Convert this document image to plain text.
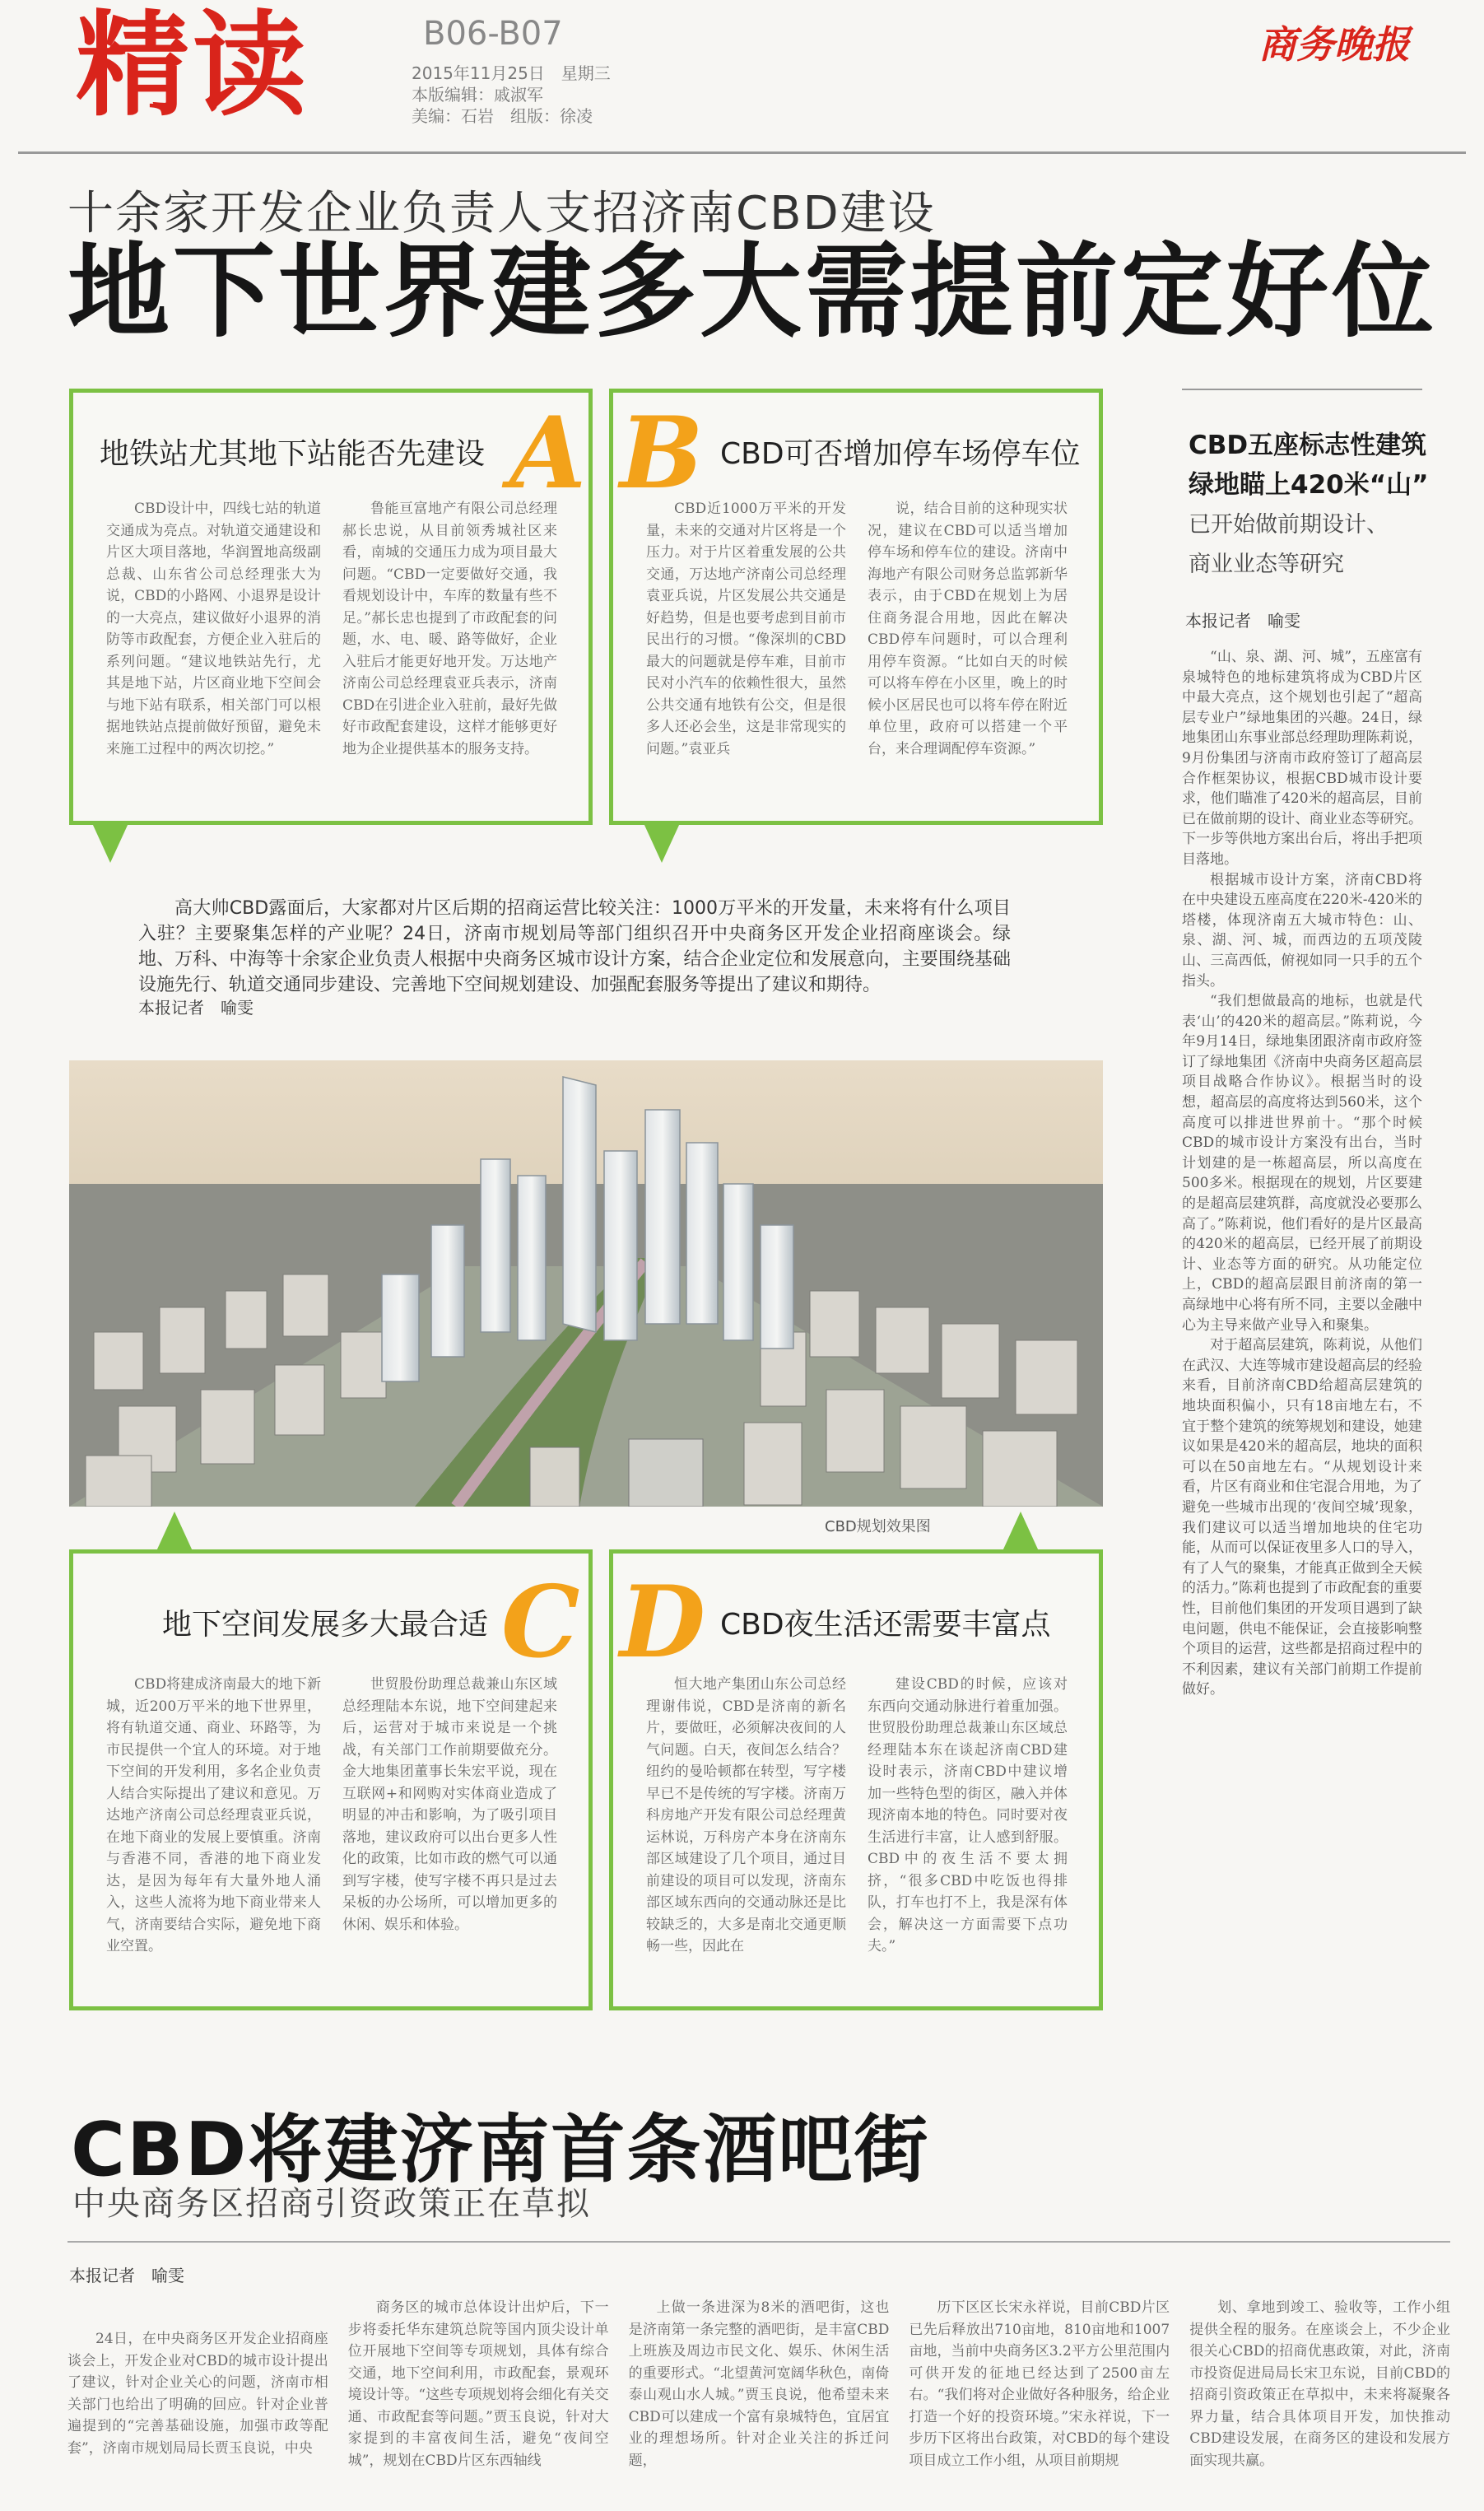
精读	B06-B07
2015年11月25日　星期三
本版编辑：戚淑军
美编：石岩　组版：徐凌
商务晚报
十余家开发企业负责人支招济南CBD建设
地下世界建多大需提前定好位
地铁站尤其地下站能否先建设 A
CBD设计中，四线七站的轨道交通成为亮点。对轨道交通建设和片区大项目落地，华润置地高级副总裁、山东省公司总经理张大为说，CBD的小路网、小退界是设计的一大亮点，建议做好小退界的消防等市政配套，方便企业入驻后的系列问题。“建议地铁站先行，尤其是地下站，片区商业地下空间会与地下站有联系，相关部门可以根据地铁站点提前做好预留，避免未来施工过程中的两次切挖。”
鲁能亘富地产有限公司总经理郝长忠说，从目前领秀城社区来看，南城的交通压力成为项目最大问题。“CBD一定要做好交通，我看规划设计中，车库的数量有些不足。”郝长忠也提到了市政配套的问题，水、电、暖、路等做好，企业入驻后才能更好地开发。万达地产济南公司总经理袁亚兵表示，济南CBD在引进企业入驻前，最好先做好市政配套建设，这样才能够更好地为企业提供基本的服务支持。
B CBD可否增加停车场停车位
CBD近1000万平米的开发量，未来的交通对片区将是一个压力。对于片区着重发展的公共交通，万达地产济南公司总经理袁亚兵说，片区发展公共交通是好趋势，但是也要考虑到目前市民出行的习惯。“像深圳的CBD最大的问题就是停车难，目前市民对小汽车的依赖性很大，虽然公共交通有地铁有公交，但是很多人还必会坐，这是非常现实的问题。”袁亚兵
说，结合目前的这种现实状况，建议在CBD可以适当增加停车场和停车位的建设。济南中海地产有限公司财务总监郭新华表示，由于CBD在规划上为居住商务混合用地，因此在解决CBD停车问题时，可以合理利用停车资源。“比如白天的时候可以将车停在小区里，晚上的时候小区居民也可以将车停在附近单位里，政府可以搭建一个平台，来合理调配停车资源。”
高大帅CBD露面后，大家都对片区后期的招商运营比较关注：1000万平米的开发量，未来将有什么项目入驻？主要聚集怎样的产业呢？24日，济南市规划局等部门组织召开中央商务区开发企业招商座谈会。绿地、万科、中海等十余家企业负责人根据中央商务区城市设计方案，结合企业定位和发展意向，主要围绕基础设施先行、轨道交通同步建设、完善地下空间规划建设、加强配套服务等提出了建议和期待。
本报记者　喻雯
CBD规划效果图
地下空间发展多大最合适 C
CBD将建成济南最大的地下新城，近200万平米的地下世界里，将有轨道交通、商业、环路等，为市民提供一个宜人的环境。对于地下空间的开发利用，多名企业负责人结合实际提出了建议和意见。万达地产济南公司总经理袁亚兵说，在地下商业的发展上要慎重。济南与香港不同，香港的地下商业发达，是因为每年有大量外地人涌入，这些人流将为地下商业带来人气，济南要结合实际，避免地下商业空置。
世贸股份助理总裁兼山东区域总经理陆本东说，地下空间建起来后，运营对于城市来说是一个挑战，有关部门工作前期要做充分。金大地集团董事长朱宏平说，现在互联网+和网购对实体商业造成了明显的冲击和影响，为了吸引项目落地，建议政府可以出台更多人性化的政策，比如市政的燃气可以通到写字楼，使写字楼不再只是过去呆板的办公场所，可以增加更多的休闲、娱乐和体验。
D CBD夜生活还需要丰富点
恒大地产集团山东公司总经理谢伟说，CBD是济南的新名片，要做旺，必须解决夜间的人气问题。白天，夜间怎么结合？纽约的曼哈顿都在转型，写字楼早已不是传统的写字楼。济南万科房地产开发有限公司总经理黄运林说，万科房产本身在济南东部区域建设了几个项目，通过目前建设的项目可以发现，济南东部区域东西向的交通动脉还是比较缺乏的，大多是南北交通更顺畅一些，因此在
建设CBD的时候，应该对东西向交通动脉进行着重加强。世贸股份助理总裁兼山东区域总经理陆本东在谈起济南CBD建设时表示，济南CBD中建议增加一些特色型的街区，融入并体现济南本地的特色。同时要对夜生活进行丰富，让人感到舒服。CBD中的夜生活不要太拥挤，“很多CBD中吃饭也得排队，打车也打不上，我是深有体会，解决这一方面需要下点功夫。”
CBD五座标志性建筑
绿地瞄上420米“山”
已开始做前期设计、
商业业态等研究
本报记者　喻雯

“山、泉、湖、河、城”，五座富有泉城特色的地标建筑将成为CBD片区中最大亮点，这个规划也引起了“超高层专业户”绿地集团的兴趣。24日，绿地集团山东事业部总经理助理陈莉说，9月份集团与济南市政府签订了超高层合作框架协议，根据CBD城市设计要求，他们瞄准了420米的超高层，目前已在做前期的设计、商业业态等研究。下一步等供地方案出台后，将出手把项目落地。

根据城市设计方案，济南CBD将在中央建设五座高度在220米-420米的塔楼，体现济南五大城市特色：山、泉、湖、河、城，而西边的五项茂陵山、三高西低，俯视如同一只手的五个指头。

“我们想做最高的地标，也就是代表‘山’的420米的超高层。”陈莉说，今年9月14日，绿地集团跟济南市政府签订了绿地集团《济南中央商务区超高层项目战略合作协议》。根据当时的设想，超高层的高度将达到560米，这个高度可以排进世界前十。“那个时候CBD的城市设计方案没有出台，当时计划建的是一栋超高层，所以高度在500多米。根据现在的规划，片区要建的是超高层建筑群，高度就没必要那么高了。”陈莉说，他们看好的是片区最高的420米的超高层，已经开展了前期设计、业态等方面的研究。从功能定位上，CBD的超高层跟目前济南的第一高绿地中心将有所不同，主要以金融中心为主导来做产业导入和聚集。

对于超高层建筑，陈莉说，从他们在武汉、大连等城市建设超高层的经验来看，目前济南CBD给超高层建筑的地块面积偏小，只有18亩地左右，不宜于整个建筑的统筹规划和建设，她建议如果是420米的超高层，地块的面积可以在50亩地左右。“从规划设计来看，片区有商业和住宅混合用地，为了避免一些城市出现的‘夜间空城’现象，我们建议可以适当增加地块的住宅功能，从而可以保证夜里多人口的导入，有了人气的聚集，才能真正做到全天候的活力。”陈莉也提到了市政配套的重要性，目前他们集团的开发项目遇到了缺电问题，供电不能保证，会直接影响整个项目的运营，这些都是招商过程中的不利因素，建议有关部门前期工作提前做好。

CBD将建济南首条酒吧街
中央商务区招商引资政策正在草拟
本报记者　喻雯
24日，在中央商务区开发企业招商座谈会上，开发企业对CBD的城市设计提出了建议，针对企业关心的问题，济南市相关部门也给出了明确的回应。针对企业普遍提到的“完善基础设施，加强市政等配套”，济南市规划局局长贾玉良说，中央
商务区的城市总体设计出炉后，下一步将委托华东建筑总院等国内顶尖设计单位开展地下空间等专项规划，具体有综合交通，地下空间利用，市政配套，景观环境设计等。“这些专项规划将会细化有关交通、市政配套等问题。”贾玉良说，针对大家提到的丰富夜间生活，避免“夜间空城”，规划在CBD片区东西轴线
上做一条进深为8米的酒吧街，这也是济南第一条完整的酒吧街，是丰富CBD上班族及周边市民文化、娱乐、休闲生活的重要形式。“北望黄河宽阔华秋色，南倚泰山观山水人城。”贾玉良说，他希望未来CBD可以建成一个富有泉城特色，宜居宜业的理想场所。针对企业关注的拆迁问题，
历下区区长宋永祥说，目前CBD片区已先后释放出710亩地，810亩地和1007亩地，当前中央商务区3.2平方公里范围内可供开发的征地已经达到了2500亩左右。“我们将对企业做好各种服务，给企业打造一个好的投资环境。”宋永祥说，下一步历下区将出台政策，对CBD的每个建设项目成立工作小组，从项目前期规
划、拿地到竣工、验收等，工作小组提供全程的服务。在座谈会上，不少企业很关心CBD的招商优惠政策，对此，济南市投资促进局局长宋卫东说，目前CBD的招商引资政策正在草拟中，未来将凝聚各界力量，结合具体项目开发，加快推动CBD建设发展，在商务区的建设和发展方面实现共赢。
